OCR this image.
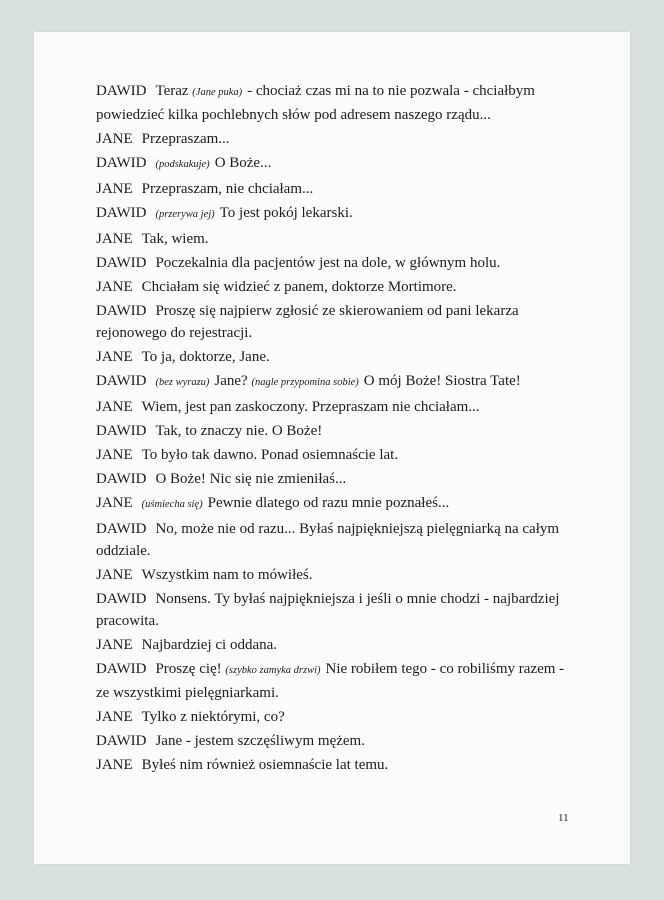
DAWID Teraz (Jane puka) - chociaż czas mi na to nie pozwala - chciałbym powiedzieć kilka pochlebnych słów pod adresem naszego rządu...

JANE Przepraszam...

DAWID (podskakuje) O Boże...

JANE Przepraszam, nie chciałam...

DAWID (przerywa jej) To jest pokój lekarski.

JANE Tak, wiem.

DAWID Poczekalnia dla pacjentów jest na dole, w głównym holu.

JANE Chciałam się widzieć z panem, doktorze Mortimore.

DAWID Proszę się najpierw zgłosić ze skierowaniem od pani lekarza rejonowego do rejestracji.

JANE To ja, doktorze, Jane.

DAWID (bez wyrazu) Jane? (nagle przypomina sobie) O mój Boże! Siostra Tate!

JANE Wiem, jest pan zaskoczony. Przepraszam nie chciałam...

DAWID Tak, to znaczy nie. O Boże!

JANE To było tak dawno. Ponad osiemnaście lat.

DAWID O Boże! Nic się nie zmieniłaś...

JANE (uśmiecha się) Pewnie dlatego od razu mnie poznałeś...

DAWID No, może nie od razu... Byłaś najpiękniejszą pielęgniarką na całym oddziale.

JANE Wszystkim nam to mówiłeś.

DAWID Nonsens. Ty byłaś najpiękniejsza i jeśli o mnie chodzi - najbardziej pracowita.

JANE Najbardziej ci oddana.

DAWID Proszę cię! (szybko zamyka drzwi) Nie robiłem tego - co robiliśmy razem - ze wszystkimi pielęgniarkami.

JANE Tylko z niektórymi, co?

DAWID Jane - jestem szczęśliwym mężem.

JANE Byłeś nim również osiemnaście lat temu.

11
